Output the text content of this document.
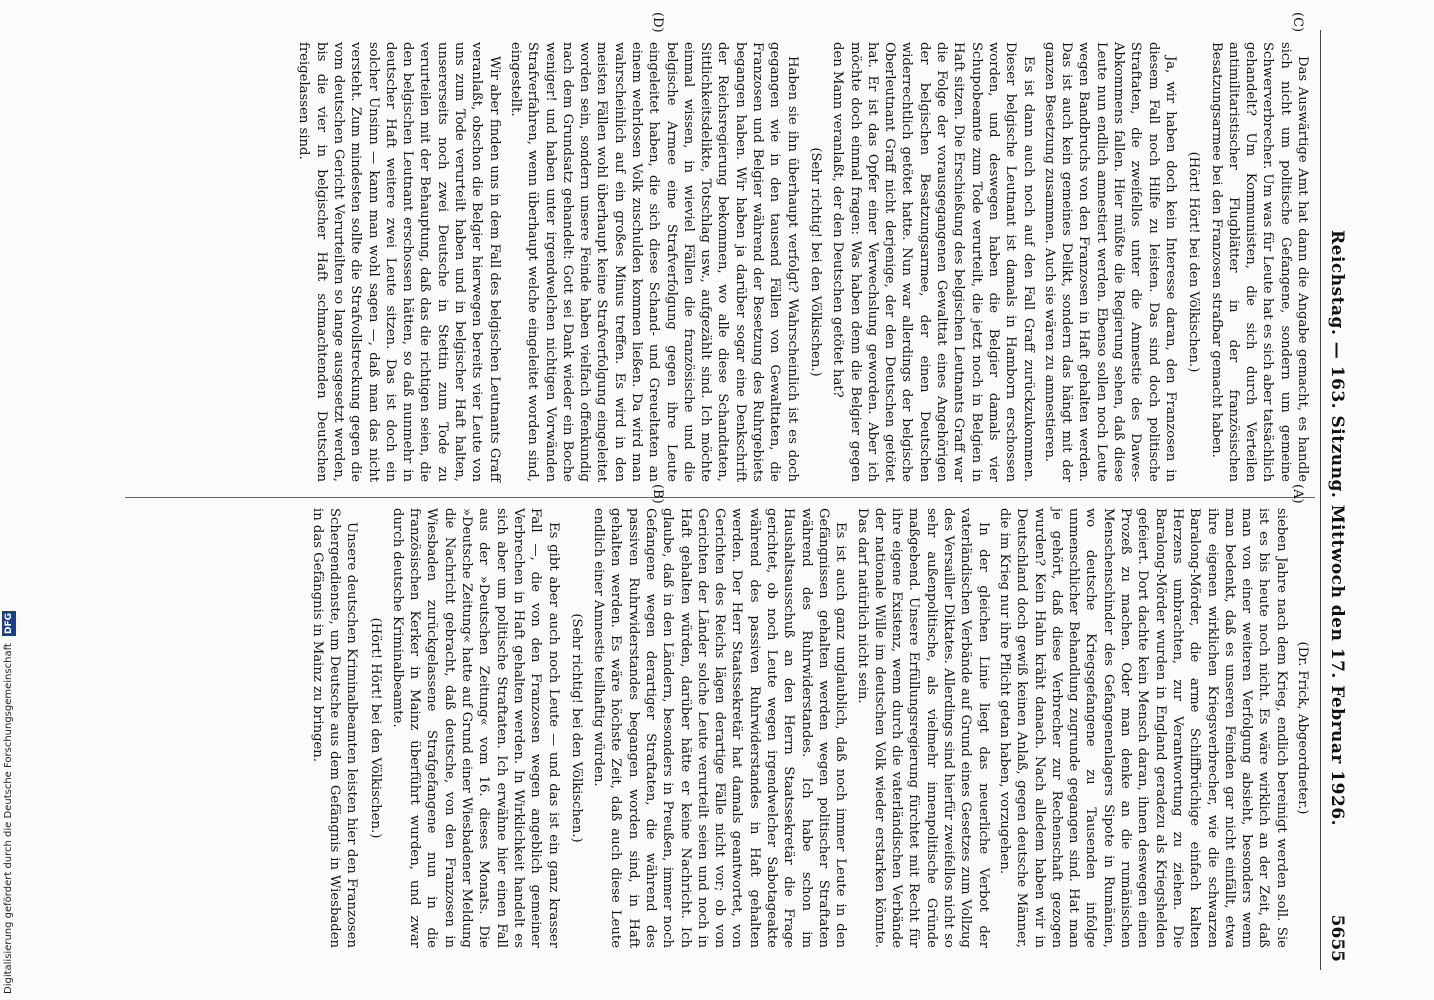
Reichstag. — 163. Sitzung. Mittwoch den 17. Februar 1926.
5655
(A)
(B)
(C)
(D)
(Dr. Frick, Abgeordneter.)

sieben Jahre nach dem Krieg, endlich bereinigt werden soll. Sie ist es bis heute noch nicht. Es wäre wirklich an der Zeit, daß man von einer weiteren Verfolgung absieht, besonders wenn man bedenkt, daß es unseren Feinden gar nicht einfällt, etwa ihre eigenen wirklichen Kriegsverbrecher, wie die schwarzen Baralong-Mörder, die arme Schiffbrüchige einfach kalten Herzens umbrachten, zur Verantwortung zu ziehen. Die Baralong-Mörder wurden in England geradezu als Kriegshelden gefeiert. Dort dachte kein Mensch daran, ihnen deswegen einen Prozeß zu machen. Oder man denke an die rumänischen Menschenschinder des Gefangenenlagers Sipote in Rumänien, wo deutsche Kriegsgefangene zu Tausenden infolge unmenschlicher Behandlung zugrunde gegangen sind. Hat man je gehört, daß diese Verbrecher zur Rechenschaft gezogen wurden? Kein Hahn kräht danach. Nach alledem haben wir in Deutschland doch gewiß keinen Anlaß, gegen deutsche Männer, die im Krieg nur ihre Pflicht getan haben, vorzugehen.

In der gleichen Linie liegt das neuerliche Verbot der vaterländischen Verbände auf Grund eines Gesetzes zum Vollzug des Versailler Diktates. Allerdings sind hierfür zweifellos nicht so sehr außenpolitische, als vielmehr innenpolitische Gründe maßgebend. Unsere Erfüllungsregierung fürchtet mit Recht für ihre eigene Existenz, wenn durch die vaterländischen Verbände der nationale Wille im deutschen Volk wieder erstarken könnte. Das darf natürlich nicht sein.

Es ist auch ganz unglaublich, daß noch immer Leute in den Gefängnissen gehalten werden wegen politischer Straftaten während des Ruhrwiderstandes. Ich habe schon im Haushaltsausschuß an den Herrn Staatssekretär die Frage gerichtet, ob noch Leute wegen irgendwelcher Sabotageakte während des passiven Ruhrwiderstandes in Haft gehalten werden. Der Herr Staatssekretär hat damals geantwortet, von Gerichten des Reichs lägen derartige Fälle nicht vor; ob von Gerichten der Länder solche Leute verurteilt seien und noch in Haft gehalten würden, darüber hätte er keine Nachricht. Ich glaube, daß in den Ländern, besonders in Preußen, immer noch Gefangene wegen derartiger Straftaten, die während des passiven Ruhrwiderstandes begangen worden sind, in Haft gehalten werden. Es wäre höchste Zeit, daß auch diese Leute endlich einer Amnestie teilhaftig würden.

(Sehr richtig! bei den Völkischen.)

Es gibt aber auch noch Leute — und das ist ein ganz krasser Fall —, die von den Franzosen wegen angeblich gemeiner Verbrechen in Haft gehalten werden. In Wirklichkeit handelt es sich aber um politische Straftaten. Ich erwähne hier einen Fall aus der »Deutschen Zeitung« vom 16. dieses Monats. Die »Deutsche Zeitung« hatte auf Grund einer Wiesbadener Meldung die Nachricht gebracht, daß deutsche, von den Franzosen in Wiesbaden zurückgelassene Strafgefangene nun in die französischen Kerker in Mainz überführt wurden, und zwar durch deutsche Kriminalbeamte.

(Hört! Hört! bei den Völkischen.)

Unsere deutschen Kriminalbeamten leisten hier den Franzosen Schergendienste, um Deutsche aus dem Gefängnis in Wiesbaden in das Gefängnis in Mainz zu bringen.

Das Auswärtige Amt hat dann die Angabe gemacht, es handle sich nicht um politische Gefangene, sondern um gemeine Schwerverbrecher. Um was für Leute hat es sich aber tatsächlich gehandelt? Um Kommunisten, die sich durch Verteilen antimilitaristischer Flugblätter in der französischen Besatzungsarmee bei den Franzosen strafbar gemacht haben.

(Hört! Hört! bei den Völkischen.)

Ja, wir haben doch kein Interesse daran, den Franzosen in diesem Fall noch Hilfe zu leisten. Das sind doch politische Straftaten, die zweifellos unter die Amnestie des Dawes-Abkommens fallen. Hier müßte die Regierung sehen, daß diese Leute nun endlich amnestiert werden. Ebenso sollen noch Leute wegen Bandbruchs von den Franzosen in Haft gehalten werden. Das ist auch kein gemeines Delikt, sondern das hängt mit der ganzen Besetzung zusammen. Auch sie wären zu amnestieren.

Es ist dann auch noch auf den Fall Graff zurückzukommen. Dieser belgische Leutnant ist damals in Hamborn erschossen worden, und deswegen haben die Belgier damals vier Schupobeamte zum Tode verurteilt, die jetzt noch in Belgien in Haft sitzen. Die Erschießung des belgischen Leutnants Graff war die Folge der vorausgegangenen Gewalttat eines Angehörigen der belgischen Besatzungsarmee, der einen Deutschen widerrechtlich getötet hatte. Nun war allerdings der belgische Oberleutnant Graff nicht derjenige, der den Deutschen getötet hat. Er ist das Opfer einer Verwechslung geworden. Aber ich möchte doch einmal fragen: Was haben denn die Belgier gegen den Mann veranlaßt, der den Deutschen getötet hat?

(Sehr richtig! bei den Völkischen.)

Haben sie ihn überhaupt verfolgt? Wahrscheinlich ist es doch gegangen wie in den tausend Fällen von Gewalttaten, die Franzosen und Belgier während der Besetzung des Ruhrgebiets begangen haben. Wir haben ja darüber sogar eine Denkschrift der Reichsregierung bekommen, wo alle diese Schandtaten, Sittlichkeitsdelikte, Totschlag usw., aufgezählt sind. Ich möchte einmal wissen, in wieviel Fällen die französische und die belgische Armee eine Strafverfolgung gegen ihre Leute eingeleitet haben, die sich diese Schand- und Greueltaten an einem wehrlosen Volk zuschulden kommen ließen. Da wird man wahrscheinlich auf ein großes Minus treffen. Es wird in den meisten Fällen wohl überhaupt keine Strafverfolgung eingeleitet worden sein, sondern unsere Feinde haben vielfach offenkundig nach dem Grundsatz gehandelt: Gott sei Dank wieder ein Boche weniger! und haben unter irgendwelchen nichtigen Vorwänden Strafverfahren, wenn überhaupt welche eingeleitet worden sind, eingestellt.

Wir aber finden uns in dem Fall des belgischen Leutnants Graff veranlaßt, obschon die Belgier hierwegen bereits vier Leute von uns zum Tode verurteilt haben und in belgischer Haft halten, unsererseits noch zwei Deutsche in Stettin zum Tode zu verurteilen mit der Behauptung, daß das die richtigen seien, die den belgischen Leutnant erschossen hätten, so daß nunmehr in deutscher Haft weitere zwei Leute sitzen. Das ist doch ein solcher Unsinn — kann man wohl sagen —, daß man das nicht versteht. Zum mindesten sollte die Strafvollstreckung gegen die vom deutschen Gericht Verurteilten so lange ausgesetzt werden, bis die vier in belgischer Haft schmachtenden Deutschen freigelassen sind.

Digitalisierung gefördert durch die Deutsche Forschungsgemeinschaft DFG
